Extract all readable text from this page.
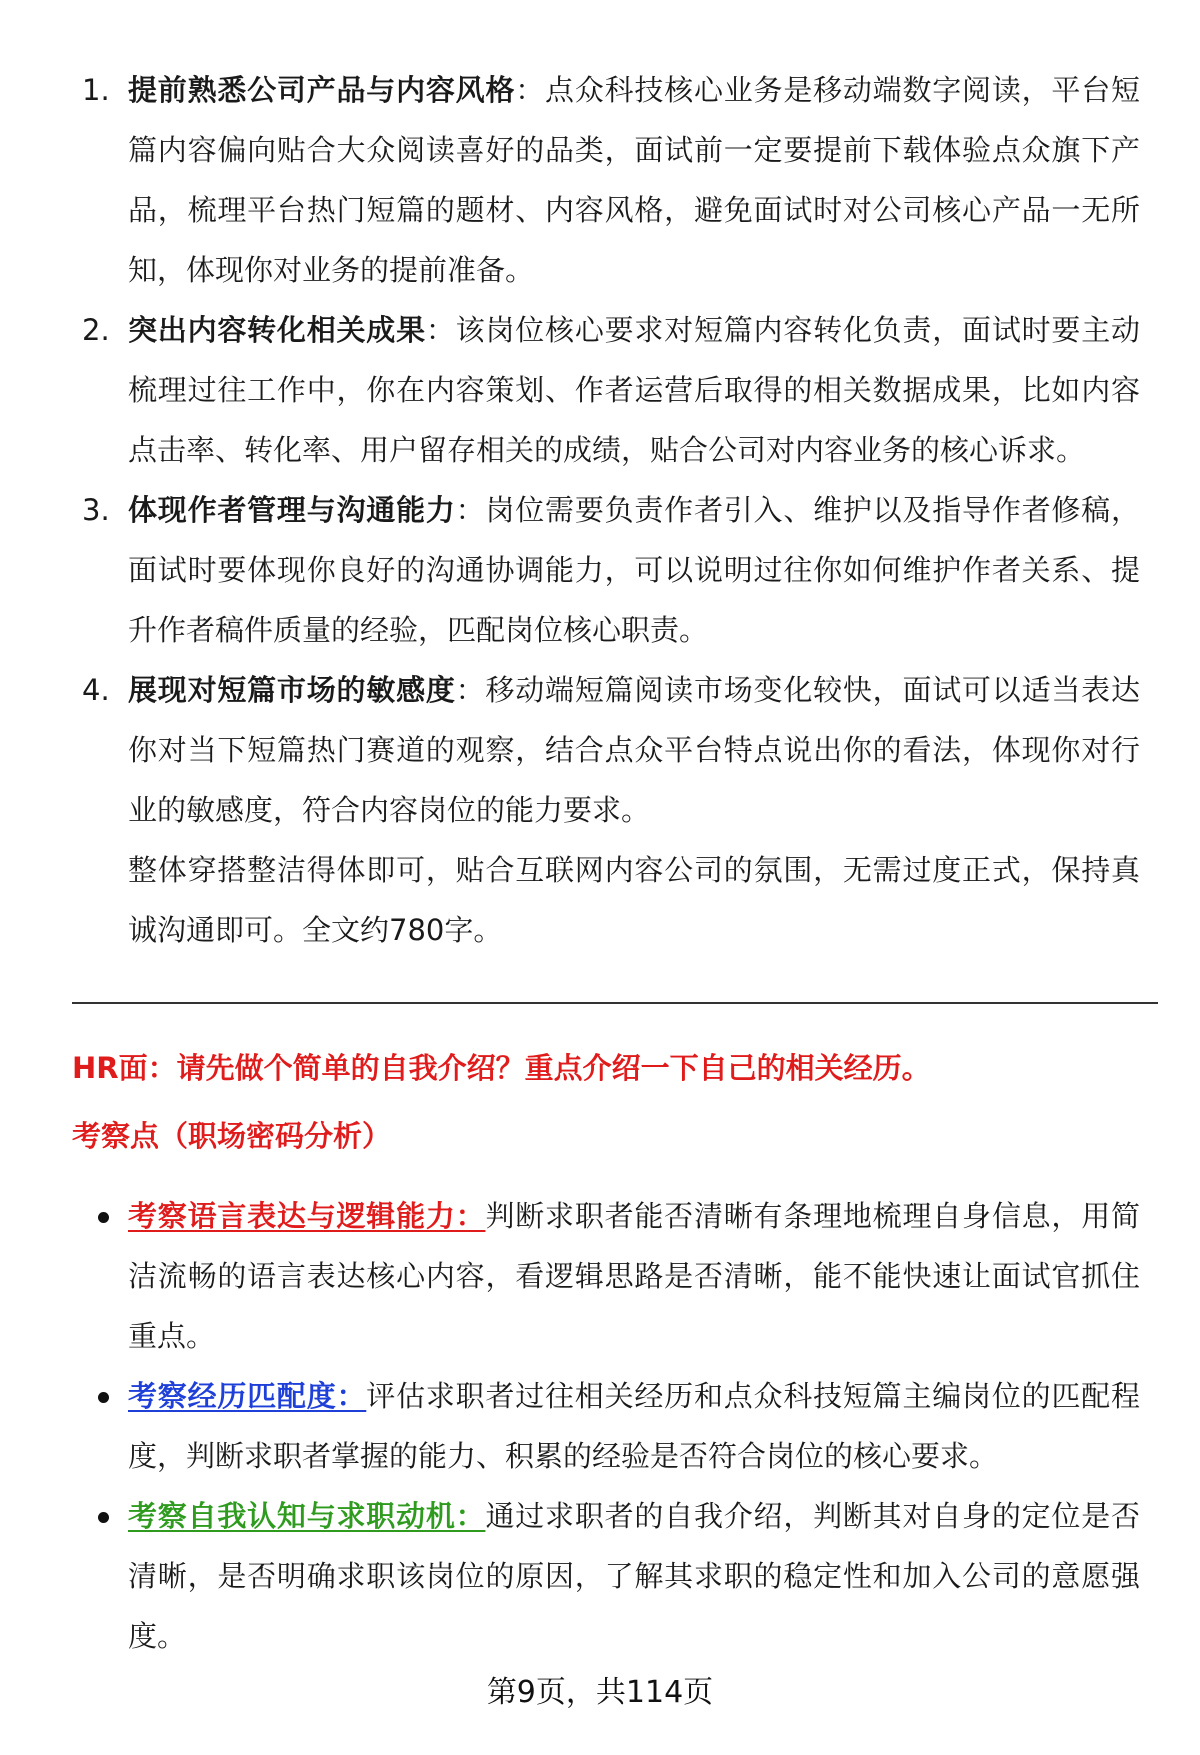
1. 提前熟悉公司产品与内容风格：点众科技核心业务是移动端数字阅读，平台短篇内容偏向贴合大众阅读喜好的品类，面试前一定要提前下载体验点众旗下产品，梳理平台热门短篇的题材、内容风格，避免面试时对公司核心产品一无所知，体现你对业务的提前准备。

2. 突出内容转化相关成果：该岗位核心要求对短篇内容转化负责，面试时要主动梳理过往工作中，你在内容策划、作者运营后取得的相关数据成果，比如内容点击率、转化率、用户留存相关的成绩，贴合公司对内容业务的核心诉求。

3. 体现作者管理与沟通能力：岗位需要负责作者引入、维护以及指导作者修稿，面试时要体现你良好的沟通协调能力，可以说明过往你如何维护作者关系、提升作者稿件质量的经验，匹配岗位核心职责。

4. 展现对短篇市场的敏感度：移动端短篇阅读市场变化较快，面试可以适当表达你对当下短篇热门赛道的观察，结合点众平台特点说出你的看法，体现你对行业的敏感度，符合内容岗位的能力要求。

整体穿搭整洁得体即可，贴合互联网内容公司的氛围，无需过度正式，保持真诚沟通即可。全文约780字。

HR面：请先做个简单的自我介绍？重点介绍一下自己的相关经历。
考察点（职场密码分析）

考察语言表达与逻辑能力：判断求职者能否清晰有条理地梳理自身信息，用简洁流畅的语言表达核心内容，看逻辑思路是否清晰，能不能快速让面试官抓住重点。

考察经历匹配度：评估求职者过往相关经历和点众科技短篇主编岗位的匹配程度，判断求职者掌握的能力、积累的经验是否符合岗位的核心要求。

考察自我认知与求职动机：通过求职者的自我介绍，判断其对自身的定位是否清晰，是否明确求职该岗位的原因，了解其求职的稳定性和加入公司的意愿强度。

第9页，共114页
